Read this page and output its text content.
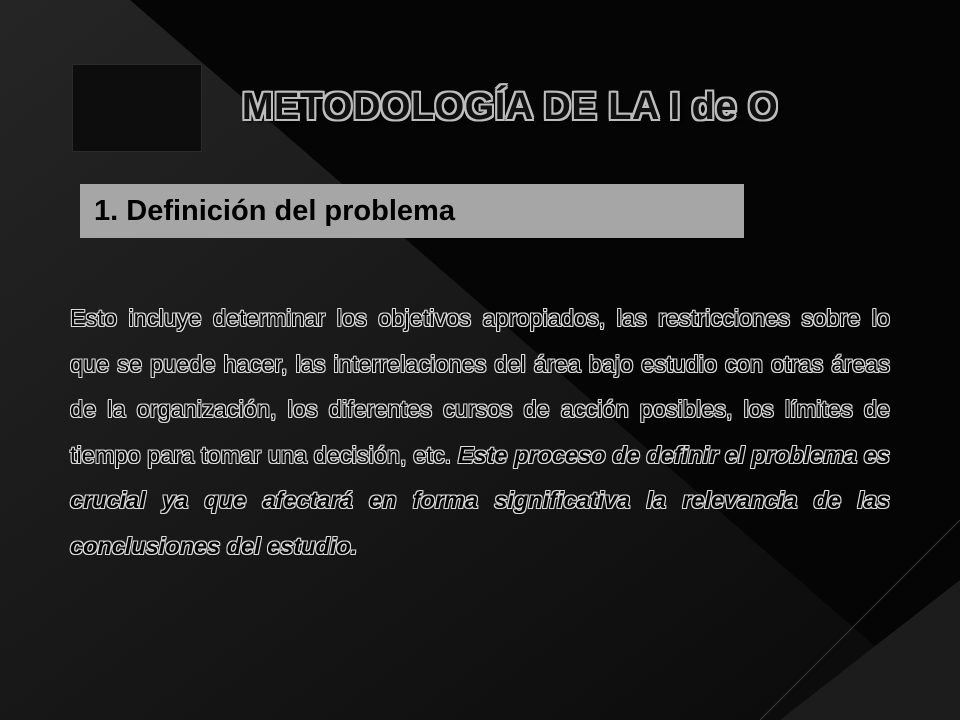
METODOLOGÍA DE LA I de O
1. Definición del problema
Esto incluye determinar los objetivos apropiados, las restricciones sobre lo que se puede hacer, las interrelaciones del área bajo estudio con otras áreas de la organización, los diferentes cursos de acción posibles, los límites de tiempo para tomar una decisión, etc. Este proceso de definir el problema es crucial ya que afectará en forma significativa la relevancia de las conclusiones del estudio.
